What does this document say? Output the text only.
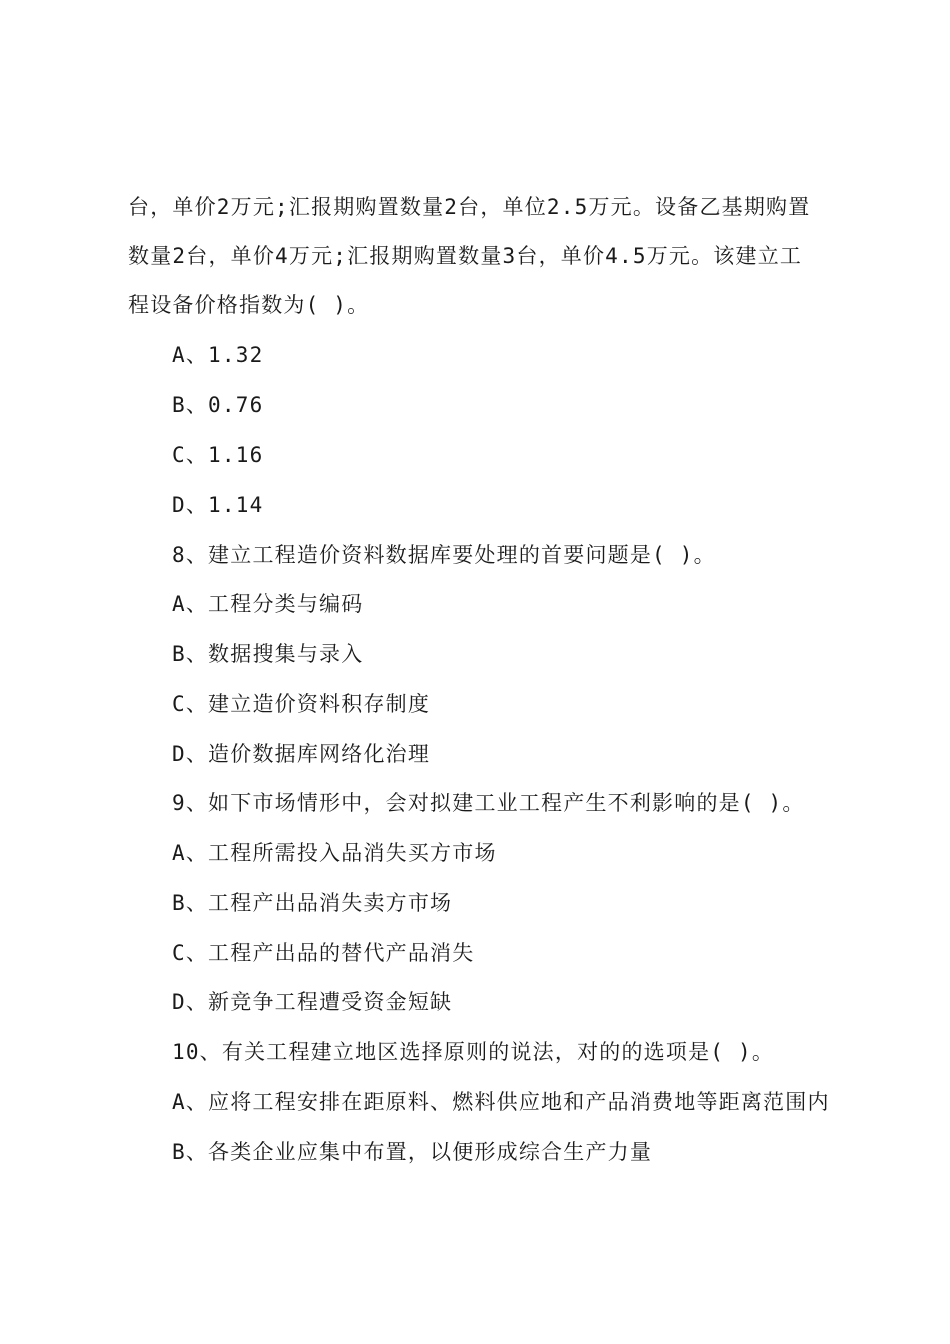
台，单价2万元;汇报期购置数量2台，单位2.5万元。设备乙基期购置
数量2台，单价4万元;汇报期购置数量3台，单价4.5万元。该建立工
程设备价格指数为( )。
A、1.32
B、0.76
C、1.16
D、1.14
8、建立工程造价资料数据库要处理的首要问题是( )。
A、工程分类与编码
B、数据搜集与录入
C、建立造价资料积存制度
D、造价数据库网络化治理
9、如下市场情形中，会对拟建工业工程产生不利影响的是( )。
A、工程所需投入品消失买方市场
B、工程产出品消失卖方市场
C、工程产出品的替代产品消失
D、新竞争工程遭受资金短缺
10、有关工程建立地区选择原则的说法，对的的选项是( )。
A、应将工程安排在距原料、燃料供应地和产品消费地等距离范围内
B、各类企业应集中布置，以便形成综合生产力量
